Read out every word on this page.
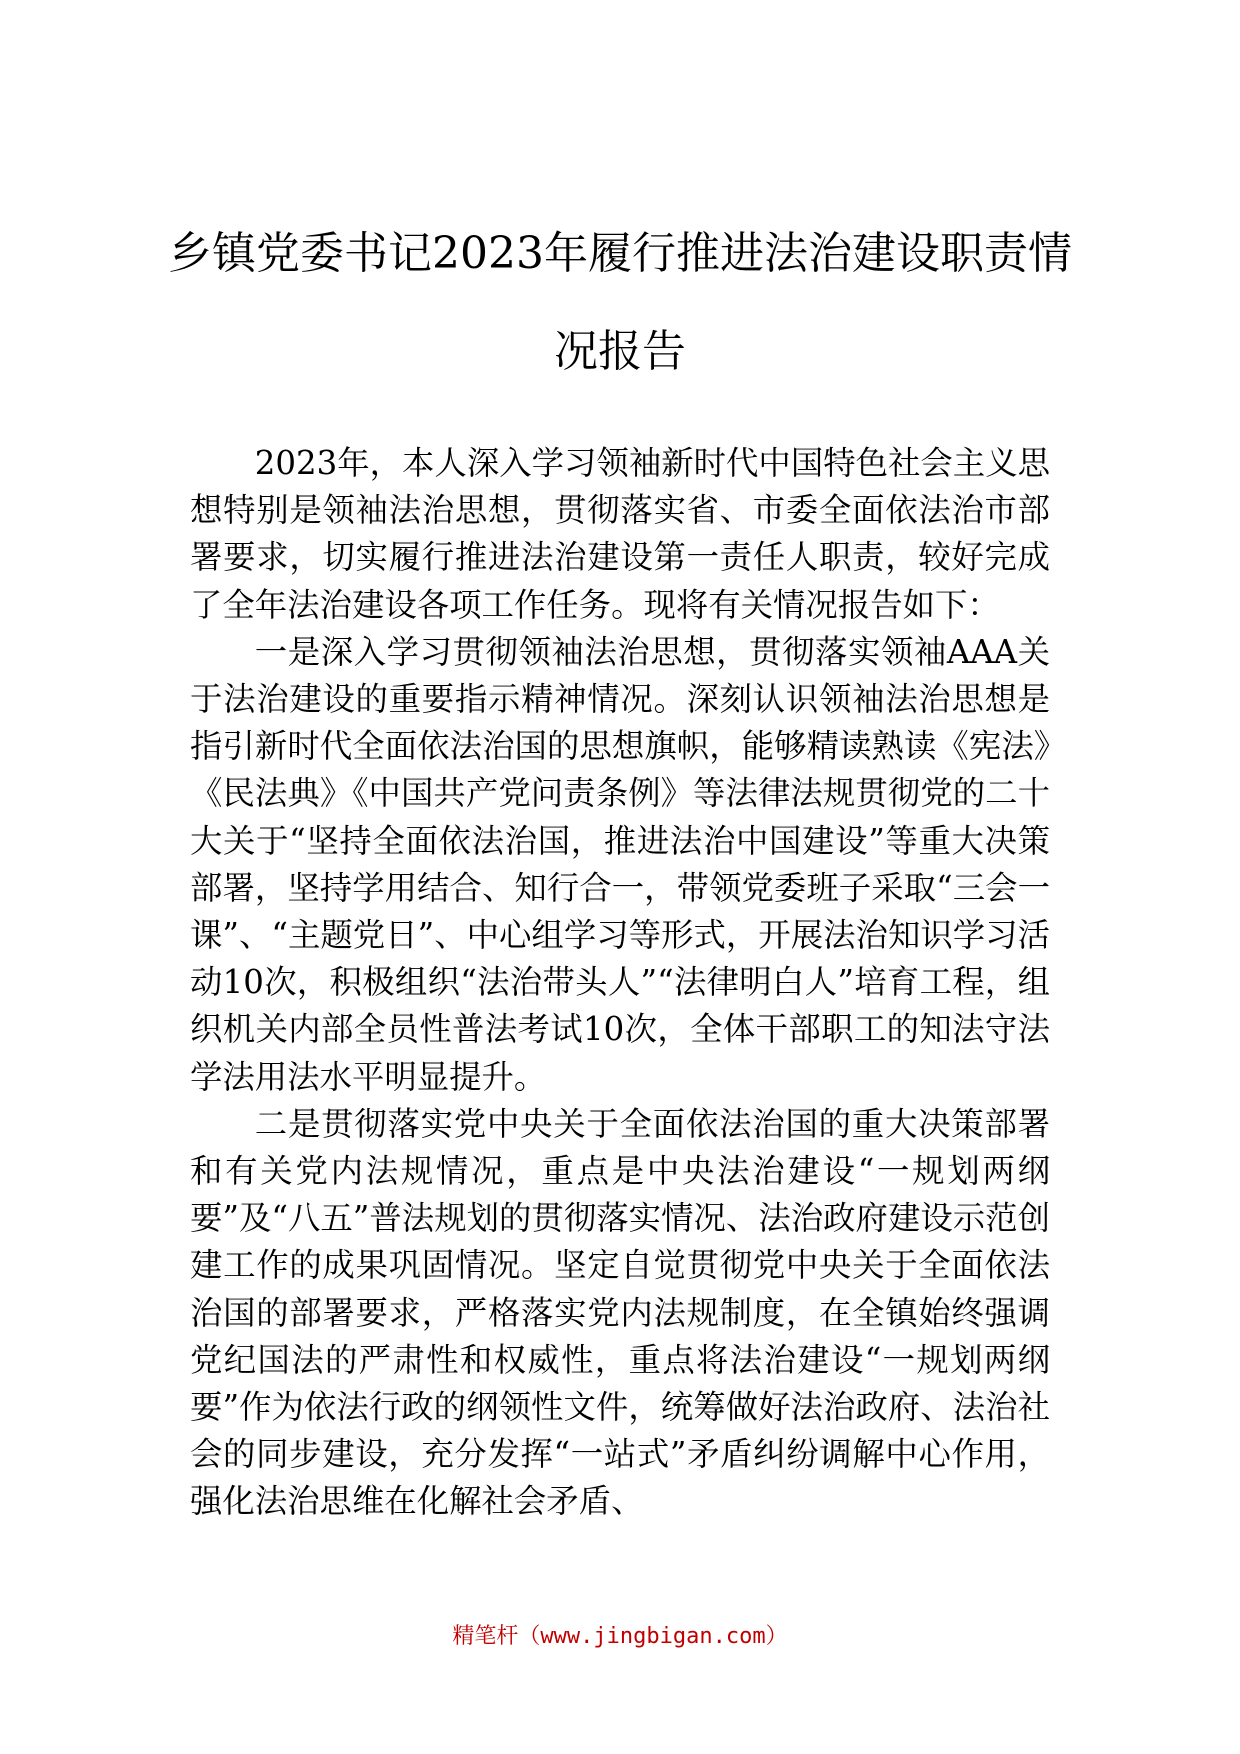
乡镇党委书记2023年履行推进法治建设职责情况报告

2023年，本人深入学习领袖新时代中国特色社会主义思想特别是领袖法治思想，贯彻落实省、市委全面依法治市部署要求，切实履行推进法治建设第一责任人职责，较好完成了全年法治建设各项工作任务。现将有关情况报告如下：

一是深入学习贯彻领袖法治思想，贯彻落实领袖AAA关于法治建设的重要指示精神情况。深刻认识领袖法治思想是指引新时代全面依法治国的思想旗帜，能够精读熟读《宪法》《民法典》《中国共产党问责条例》等法律法规贯彻党的二十大关于“坚持全面依法治国，推进法治中国建设”等重大决策部署，坚持学用结合、知行合一，带领党委班子采取“三会一课”、“主题党日”、中心组学习等形式，开展法治知识学习活动10次，积极组织“法治带头人”“法律明白人”培育工程，组织机关内部全员性普法考试10次，全体干部职工的知法守法学法用法水平明显提升。

二是贯彻落实党中央关于全面依法治国的重大决策部署和有关党内法规情况，重点是中央法治建设“一规划两纲要”及“八五”普法规划的贯彻落实情况、法治政府建设示范创建工作的成果巩固情况。坚定自觉贯彻党中央关于全面依法治国的部署要求，严格落实党内法规制度，在全镇始终强调党纪国法的严肃性和权威性，重点将法治建设“一规划两纲要”作为依法行政的纲领性文件，统筹做好法治政府、法治社会的同步建设，充分发挥“一站式”矛盾纠纷调解中心作用，强化法治思维在化解社会矛盾、

精笔杆（www.jingbigan.com）
